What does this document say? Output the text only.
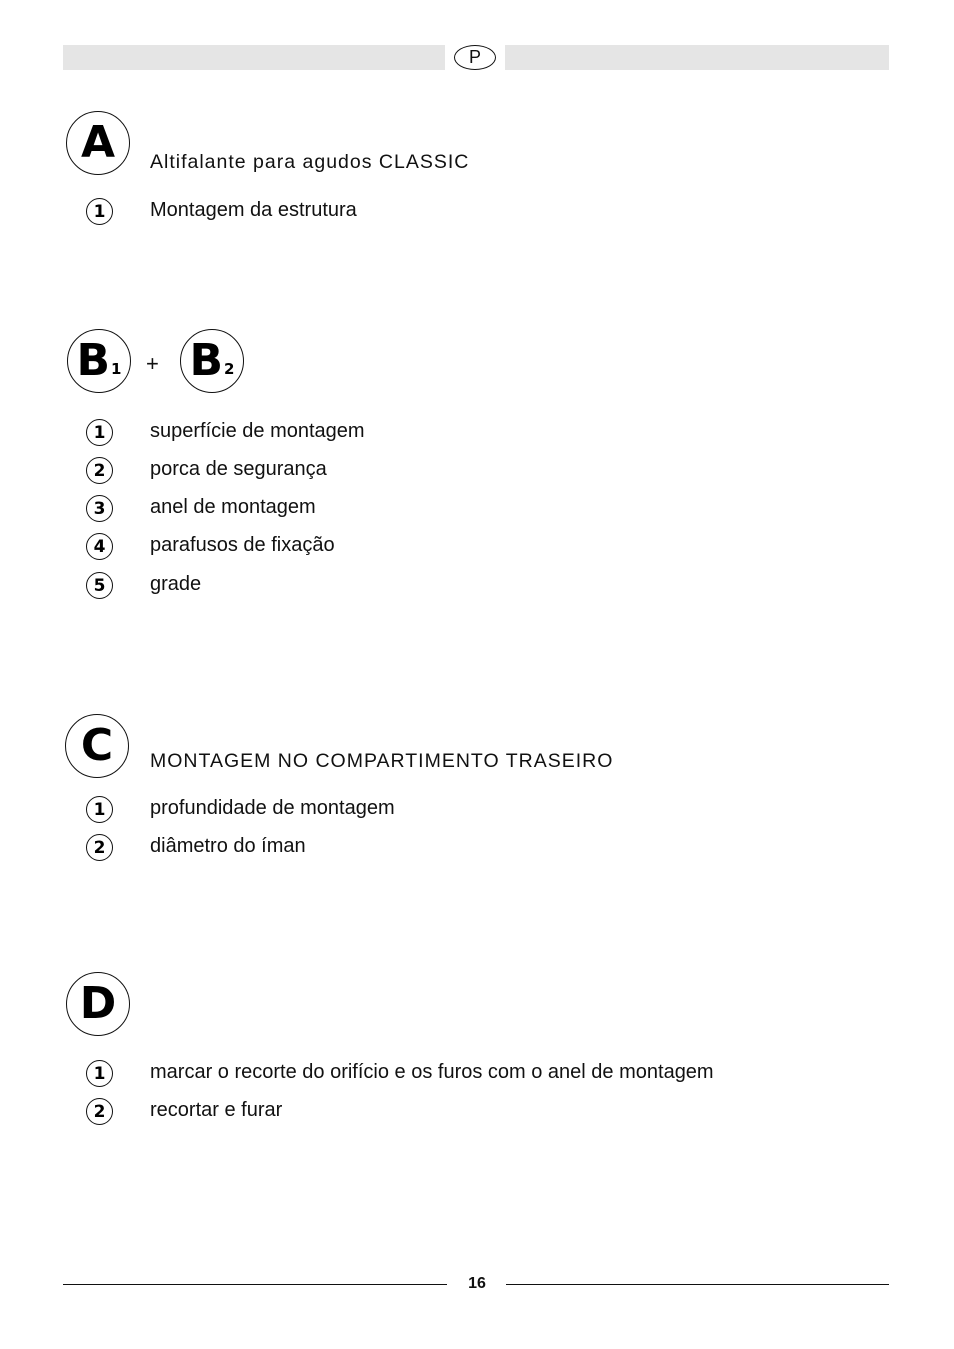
P
A Altifalante para agudos CLASSIC
1	Montagem da estrutura
B 1 + B 2
1	superfície de montagem
2	porca de segurança
3	anel de montagem
4	parafusos de fixação
5	grade
C MONTAGEM NO COMPARTIMENTO TRASEIRO
1	profundidade de montagem
2	diâmetro do íman
D
1	marcar o recorte do orifício e os furos com o anel de montagem
2	recortar e furar
16
